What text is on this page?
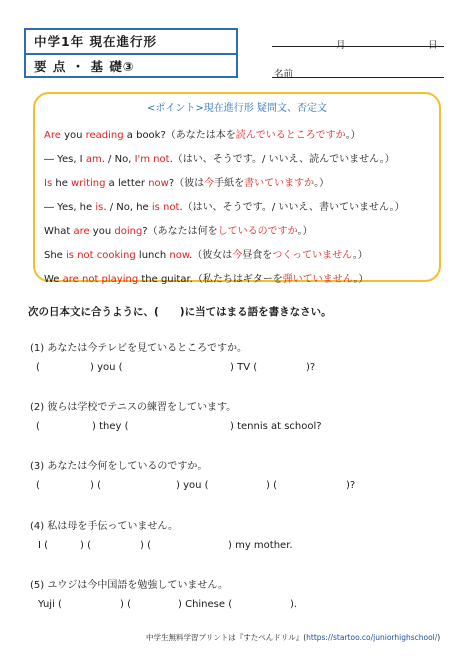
中学1年 現在進行形
要 点 ・ 基 礎③
月	日
名前
<ポイント>現在進行形 疑問文、否定文
Are you reading a book?（あなたは本を読んでいるところですか。）
― Yes, I am. / No, I'm not.（はい、そうです。/ いいえ、読んでいません。）
Is he writing a letter now?（彼は今手紙を書いていますか。）
― Yes, he is. / No, he is not.（はい、そうです。/ いいえ、書いていません。）
What are you doing?（あなたは何をしているのですか。）
She is not cooking lunch now.（彼女は今昼食をつくっていません。）
We are not playing the guitar.（私たちはギターを弾いていません。）
次の日本文に合うように、(　　)に当てはまる語を書きなさい。
(1) あなたは今テレビを見ているところですか。
(	) you (	) TV (	)?
(2) 彼らは学校でテニスの練習をしています。
(	) they (	) tennis at school?
(3) あなたは今何をしているのですか。
(	) (	) you (	) (	)?
(4) 私は母を手伝っていません。
I (	) (	) (	) my mother.
(5) ユウジは今中国語を勉強していません。
Yuji (	) (	) Chinese (	).
中学生無料学習プリントは『すたぺんドリル』(https://startoo.co/juniorhighschool/)
